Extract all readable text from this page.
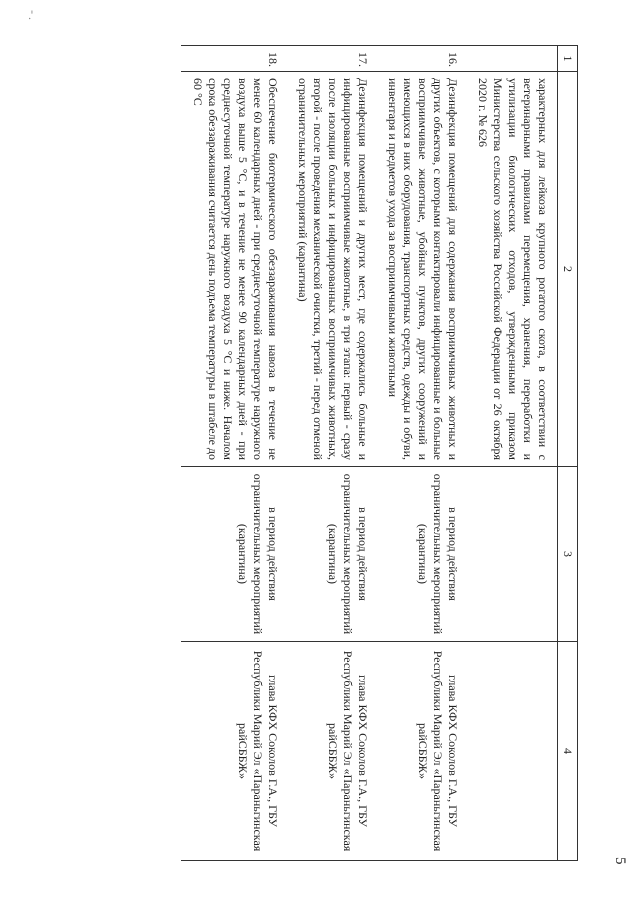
‐ .
5
1	2	3	4
	характерных для лейкоза крупного рогатого скота, в соответствии с ветеринарными правилами перемещения, хранения, переработки и утилизации биологических отходов, утвержденными приказом Министерства сельского хозяйства Российской Федерации от 26 октября 2020 г. № 626		
16.	Дезинфекция помещений для содержания восприимчивых животных и других объектов, с которыми контактировали инфицированные и больные восприимчивые животные, убойных пунктов, других сооружений и имеющихся в них оборудования, транспортных средств, одежды и обуви, инвентаря и предметов ухода за восприимчивыми животными	в период действия ограничительных мероприятий (карантина)	глава КФХ Соколов Г.А., ГБУ Республики Марий Эл «Параньгинская райСББЖ»
17.	Дезинфекция помещений и других мест, где содержались больные и инфицированные восприимчивые животные, в три этапа: первый - сразу после изоляции больных и инфицированных восприимчивых животных, второй - после проведения механической очистки, третий - перед отменой ограничительных мероприятий (карантина)	в период действия ограничительных мероприятий (карантина)	глава КФХ Соколов Г.А., ГБУ Республики Марий Эл «Параньгинская райСББЖ»
18.	Обеспечение биотермического обеззараживания навоза в течение не менее 60 календарных дней - при среднесуточной температуре наружного воздуха выше 5 °С, и в течение не менее 90 календарных дней - при среднесуточной температуре наружного воздуха 5 °С и ниже. Началом срока обеззараживания считается день подъема температуры в штабеле до 60 °С	в период действия ограничительных мероприятий (карантина)	глава КФХ Соколов Г.А., ГБУ Республики Марий Эл «Параньгинская райСББЖ»
